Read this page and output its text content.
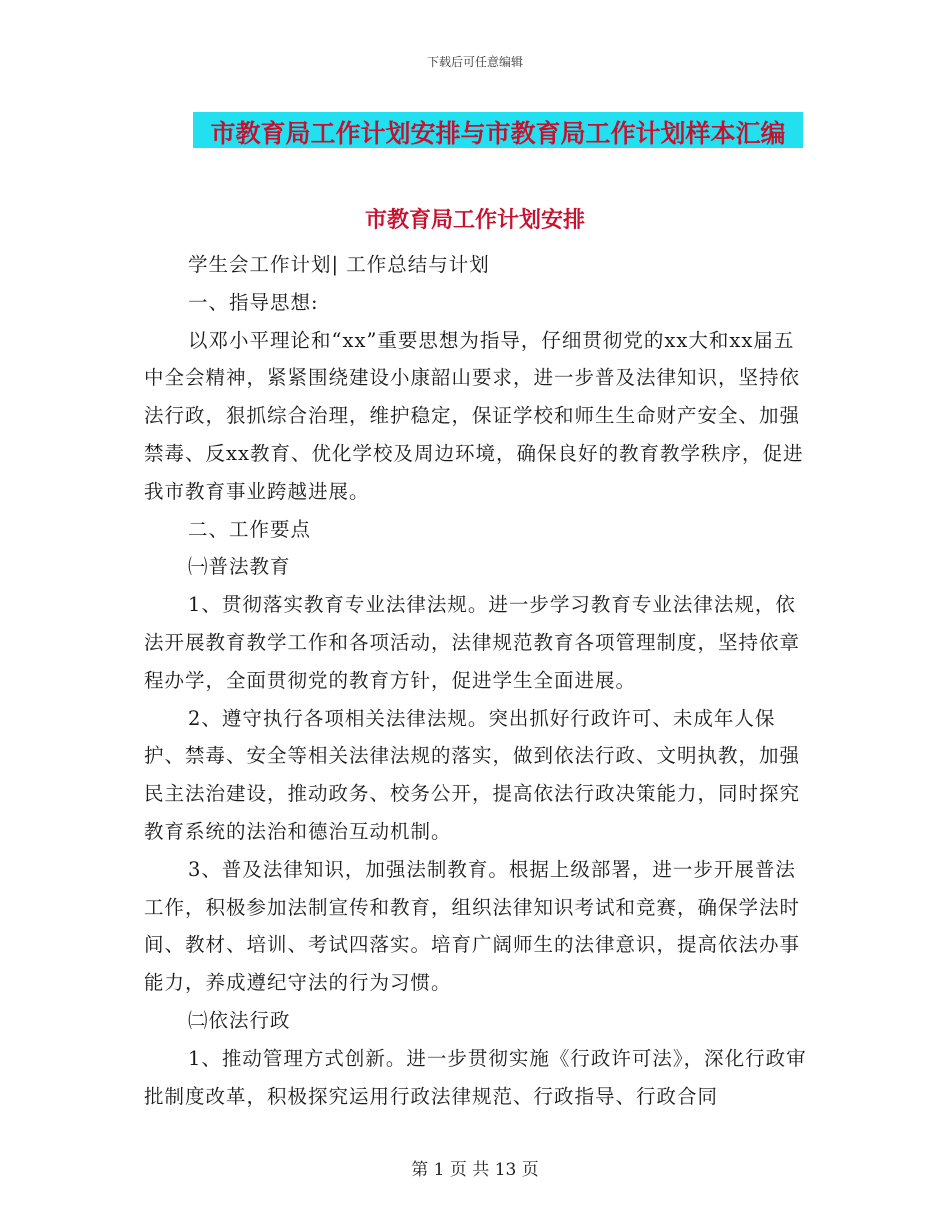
下载后可任意编辑
市教育局工作计划安排与市教育局工作计划样本汇编
市教育局工作计划安排

学生会工作计划| 工作总结与计划

一、指导思想:

以邓小平理论和“xx”重要思想为指导，仔细贯彻党的xx大和xx届五中全会精神，紧紧围绕建设小康韶山要求，进一步普及法律知识，坚持依法行政，狠抓综合治理，维护稳定，保证学校和师生生命财产安全、加强禁毒、反xx教育、优化学校及周边环境，确保良好的教育教学秩序，促进我市教育事业跨越进展。

二、工作要点

㈠普法教育

1、贯彻落实教育专业法律法规。进一步学习教育专业法律法规，依法开展教育教学工作和各项活动，法律规范教育各项管理制度，坚持依章程办学，全面贯彻党的教育方针，促进学生全面进展。

2、遵守执行各项相关法律法规。突出抓好行政许可、未成年人保护、禁毒、安全等相关法律法规的落实，做到依法行政、文明执教，加强民主法治建设，推动政务、校务公开，提高依法行政决策能力，同时探究教育系统的法治和德治互动机制。

3、普及法律知识，加强法制教育。根据上级部署，进一步开展普法工作，积极参加法制宣传和教育，组织法律知识考试和竞赛，确保学法时间、教材、培训、考试四落实。培育广阔师生的法律意识，提高依法办事能力，养成遵纪守法的行为习惯。

㈡依法行政

1、推动管理方式创新。进一步贯彻实施《行政许可法》，深化行政审批制度改革，积极探究运用行政法律规范、行政指导、行政合同

第 1 页 共 13 页
